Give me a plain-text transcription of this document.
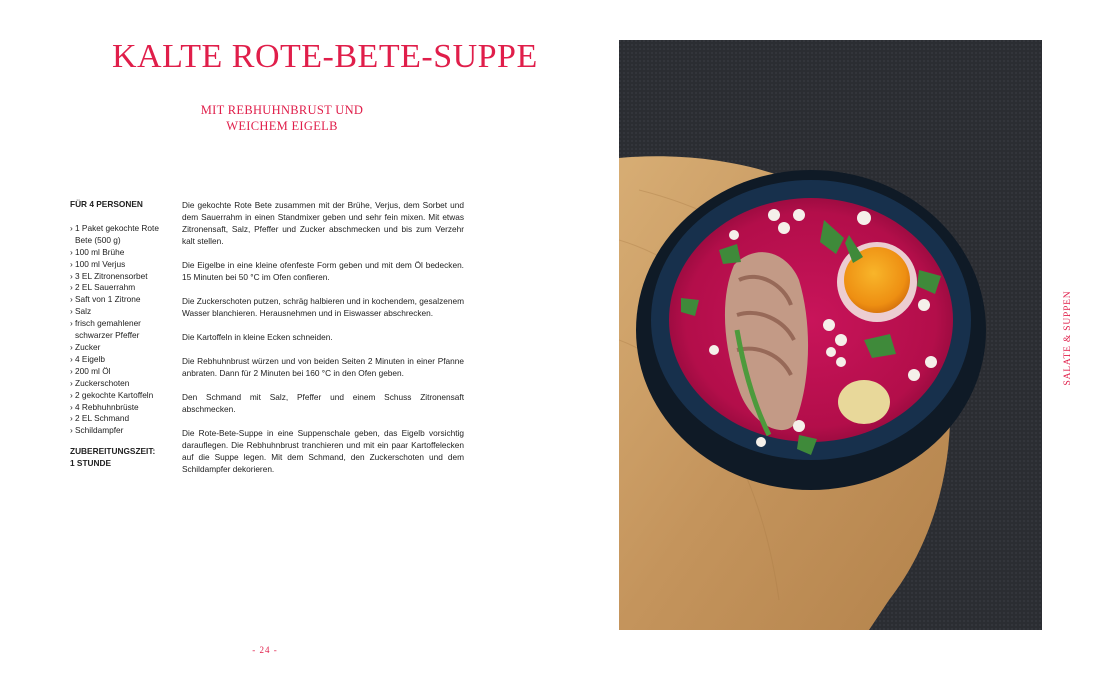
KALTE ROTE-BETE-SUPPE
MIT REBHUHNBRUST UND
WEICHEM EIGELB
FÜR 4 PERSONEN
› 1 Paket gekochte Rote Bete (500 g)
› 100 ml Brühe
› 100 ml Verjus
› 3 EL Zitronensorbet
› 2 EL Sauerrahm
› Saft von 1 Zitrone
› Salz
› frisch gemahlener schwarzer Pfeffer
› Zucker
› 4 Eigelb
› 200 ml Öl
› Zuckerschoten
› 2 gekochte Kartoffeln
› 4 Rebhuhnbrüste
› 2 EL Schmand
› Schildampfer
ZUBEREITUNGSZEIT:
1 STUNDE

Die gekochte Rote Bete zusammen mit der Brühe, Verjus, dem Sorbet und dem Sauerrahm in einen Standmixer geben und sehr fein mixen. Mit etwas Zitronensaft, Salz, Pfeffer und Zucker abschmecken und bis zum Verzehr kalt stellen.

Die Eigelbe in eine kleine ofenfeste Form geben und mit dem Öl bedecken. 15 Minuten bei 50 °C im Ofen confieren.

Die Zuckerschoten putzen, schräg halbieren und in kochendem, gesalzenem Wasser blanchieren. Herausnehmen und in Eiswasser abschrecken.

Die Kartoffeln in kleine Ecken schneiden.

Die Rebhuhnbrust würzen und von beiden Seiten 2 Minuten in einer Pfanne anbraten. Dann für 2 Minuten bei 160 °C in den Ofen geben.

Den Schmand mit Salz, Pfeffer und einem Schuss Zitronensaft abschmecken.

Die Rote-Bete-Suppe in eine Suppenschale geben, das Eigelb vorsichtig darauflegen. Die Rebhuhnbrust tranchieren und mit ein paar Kartoffelecken auf die Suppe legen. Mit dem Schmand, den Zuckerschoten und dem Schildampfer dekorieren.

- 24 -
SALATE & SUPPEN
